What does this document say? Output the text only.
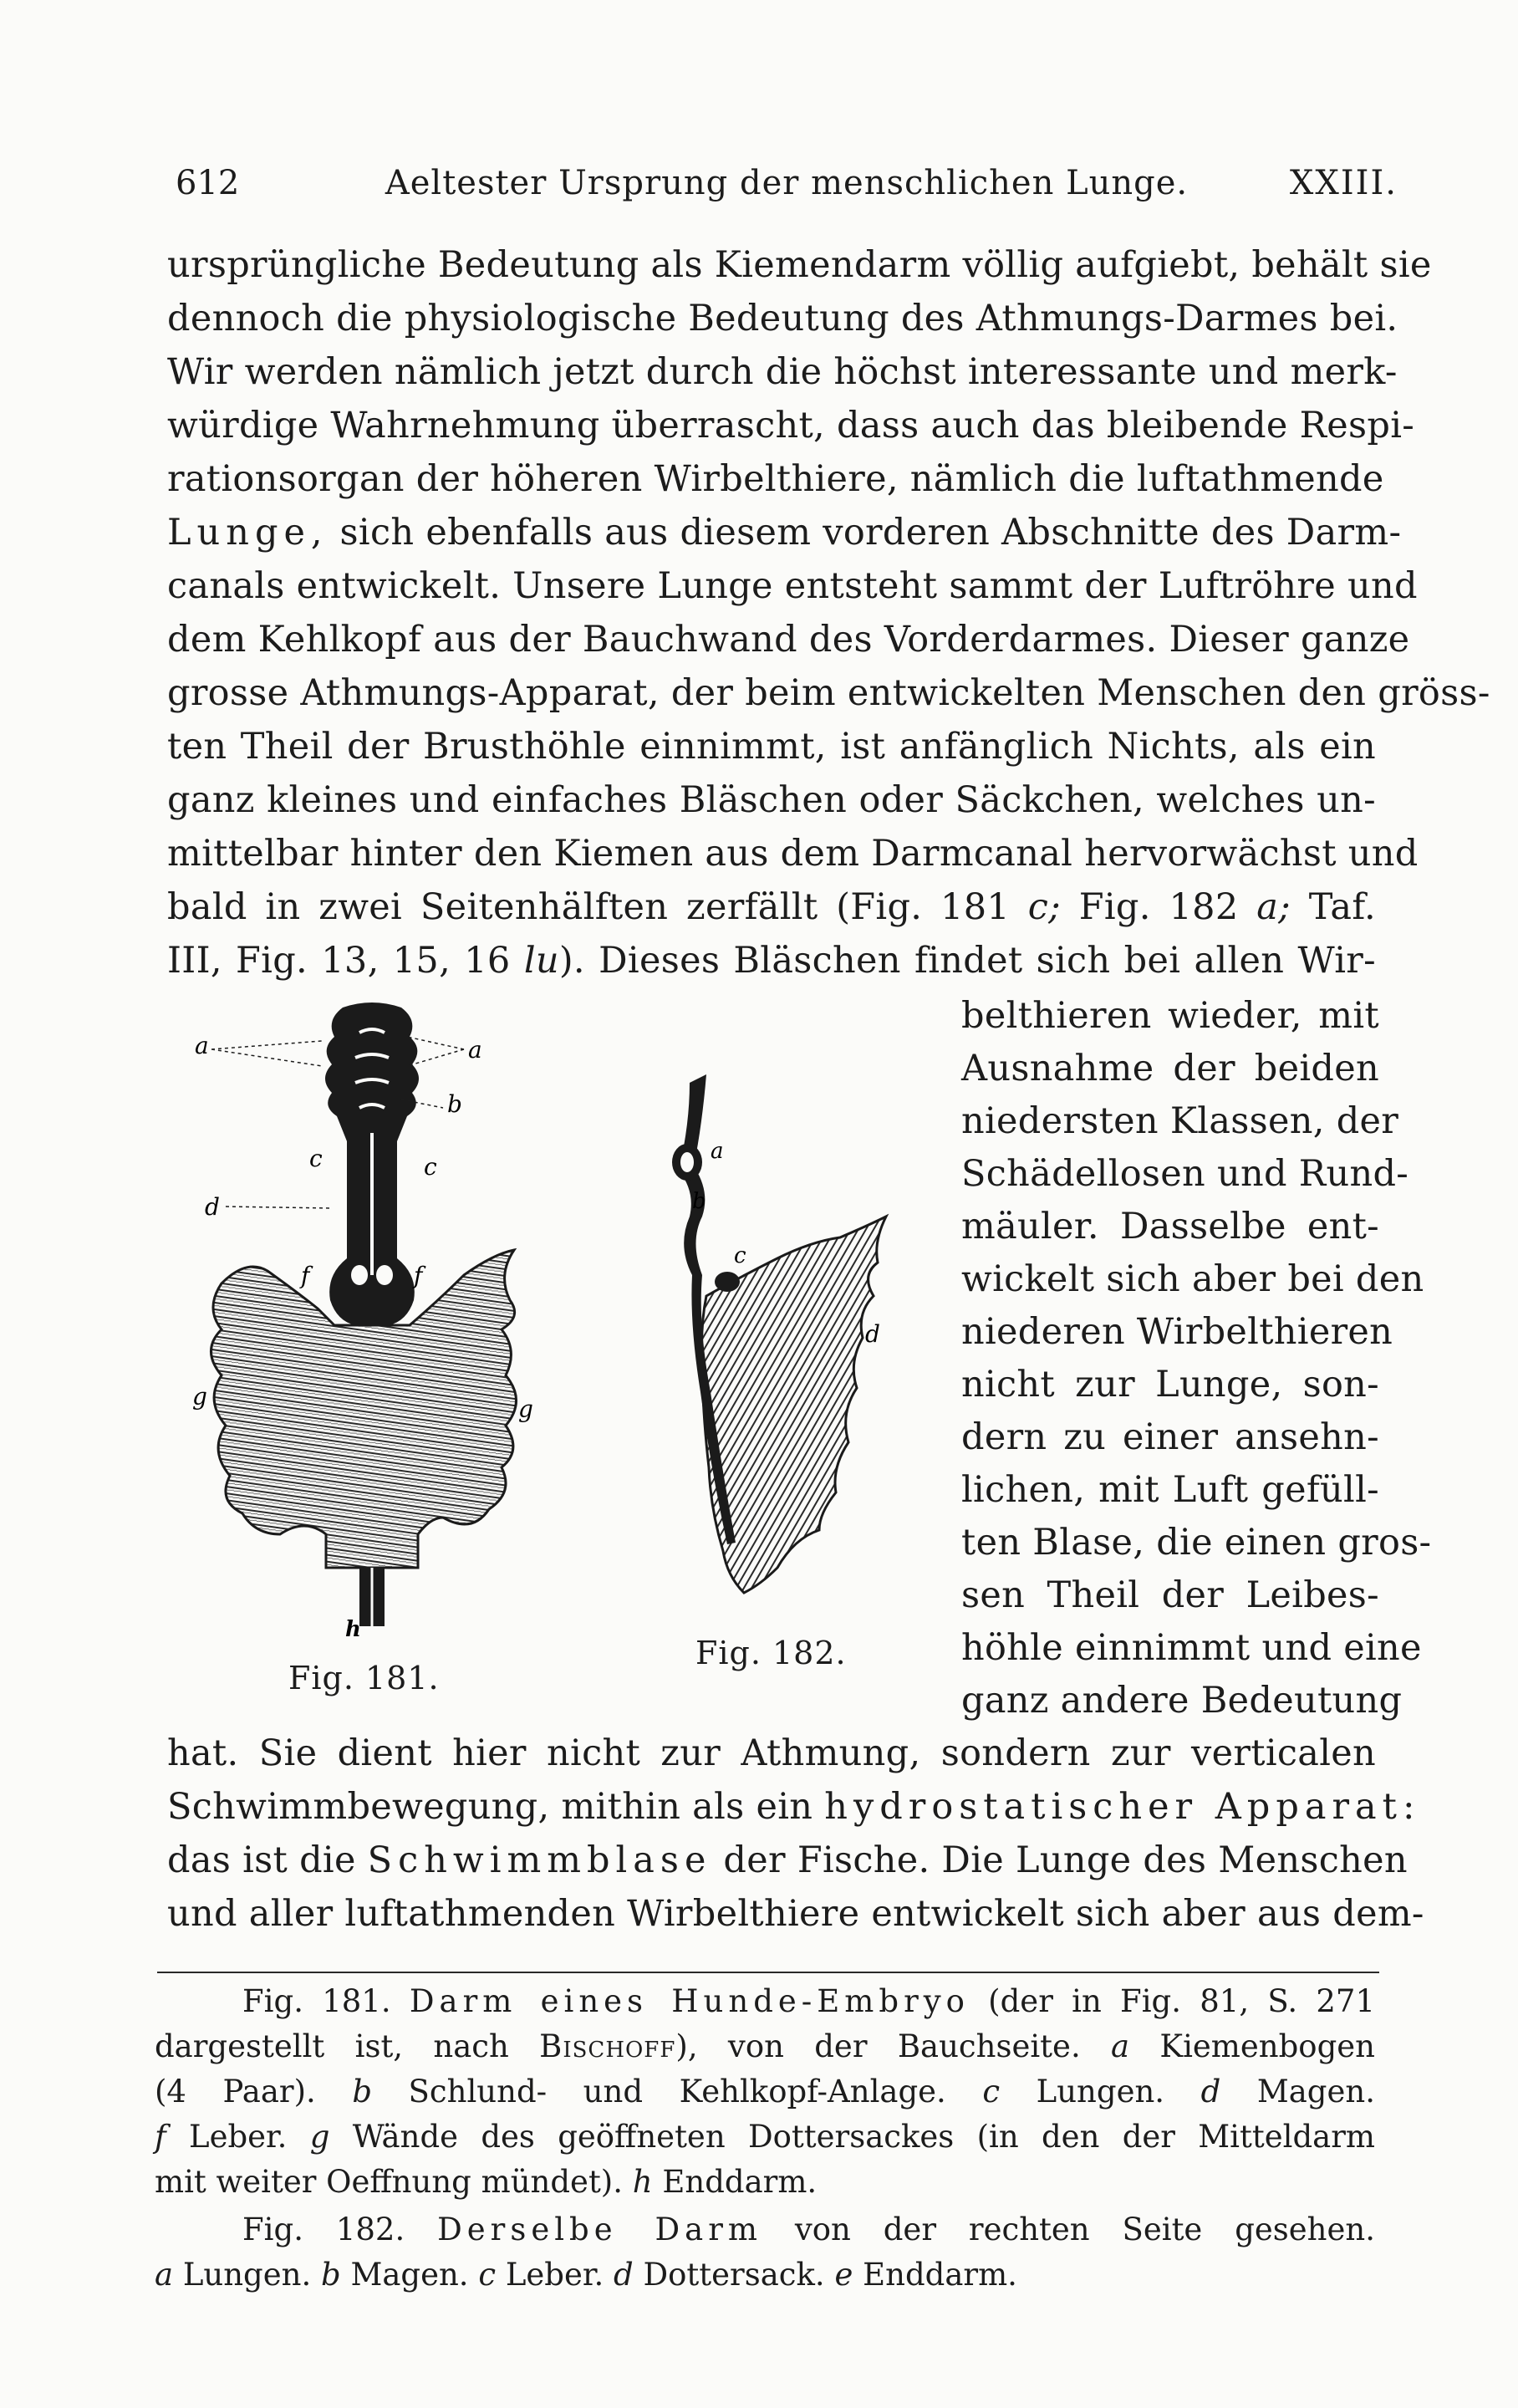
612	Aeltester Ursprung der menschlichen Lunge.	XXIII.
ursprüngliche Bedeutung als Kiemendarm völlig aufgiebt, behält sie
dennoch die physiologische Bedeutung des Athmungs-Darmes bei.
Wir werden nämlich jetzt durch die höchst interessante und merk-
würdige Wahrnehmung überrascht, dass auch das bleibende Respi-
rationsorgan der höheren Wirbelthiere, nämlich die luftathmende
Lunge, sich ebenfalls aus diesem vorderen Abschnitte des Darm-
canals entwickelt. Unsere Lunge entsteht sammt der Luftröhre und
dem Kehlkopf aus der Bauchwand des Vorderdarmes. Dieser ganze
grosse Athmungs-Apparat, der beim entwickelten Menschen den gröss-
ten Theil der Brusthöhle einnimmt, ist anfänglich Nichts, als ein
ganz kleines und einfaches Bläschen oder Säckchen, welches un-
mittelbar hinter den Kiemen aus dem Darmcanal hervorwächst und
bald in zwei Seitenhälften zerfällt (Fig. 181 c; Fig. 182 a; Taf.
III, Fig. 13, 15, 16 lu). Dieses Bläschen findet sich bei allen Wir-
belthieren wieder, mit
Ausnahme der beiden
niedersten Klassen, der
Schädellosen und Rund-
mäuler. Dasselbe ent-
wickelt sich aber bei den
niederen Wirbelthieren
nicht zur Lunge, son-
dern zu einer ansehn-
lichen, mit Luft gefüll-
ten Blase, die einen gros-
sen Theil der Leibes-
höhle einnimmt und eine
ganz andere Bedeutung
a	a
b
c	c
d
f	f
g	g
h
Fig. 181.
a
b
c
d
Fig. 182.
hat. Sie dient hier nicht zur Athmung, sondern zur verticalen
Schwimmbewegung, mithin als ein hydrostatischer Apparat:
das ist die Schwimmblase der Fische. Die Lunge des Menschen
und aller luftathmenden Wirbelthiere entwickelt sich aber aus dem-
Fig. 181. Darm eines Hunde-Embryo (der in Fig. 81, S. 271
dargestellt ist, nach Bischoff), von der Bauchseite. a Kiemenbogen
(4 Paar). b Schlund- und Kehlkopf-Anlage. c Lungen. d Magen.
f Leber. g Wände des geöffneten Dottersackes (in den der Mitteldarm
mit weiter Oeffnung mündet). h Enddarm.
Fig. 182. Derselbe Darm von der rechten Seite gesehen.
a Lungen. b Magen. c Leber. d Dottersack. e Enddarm.
